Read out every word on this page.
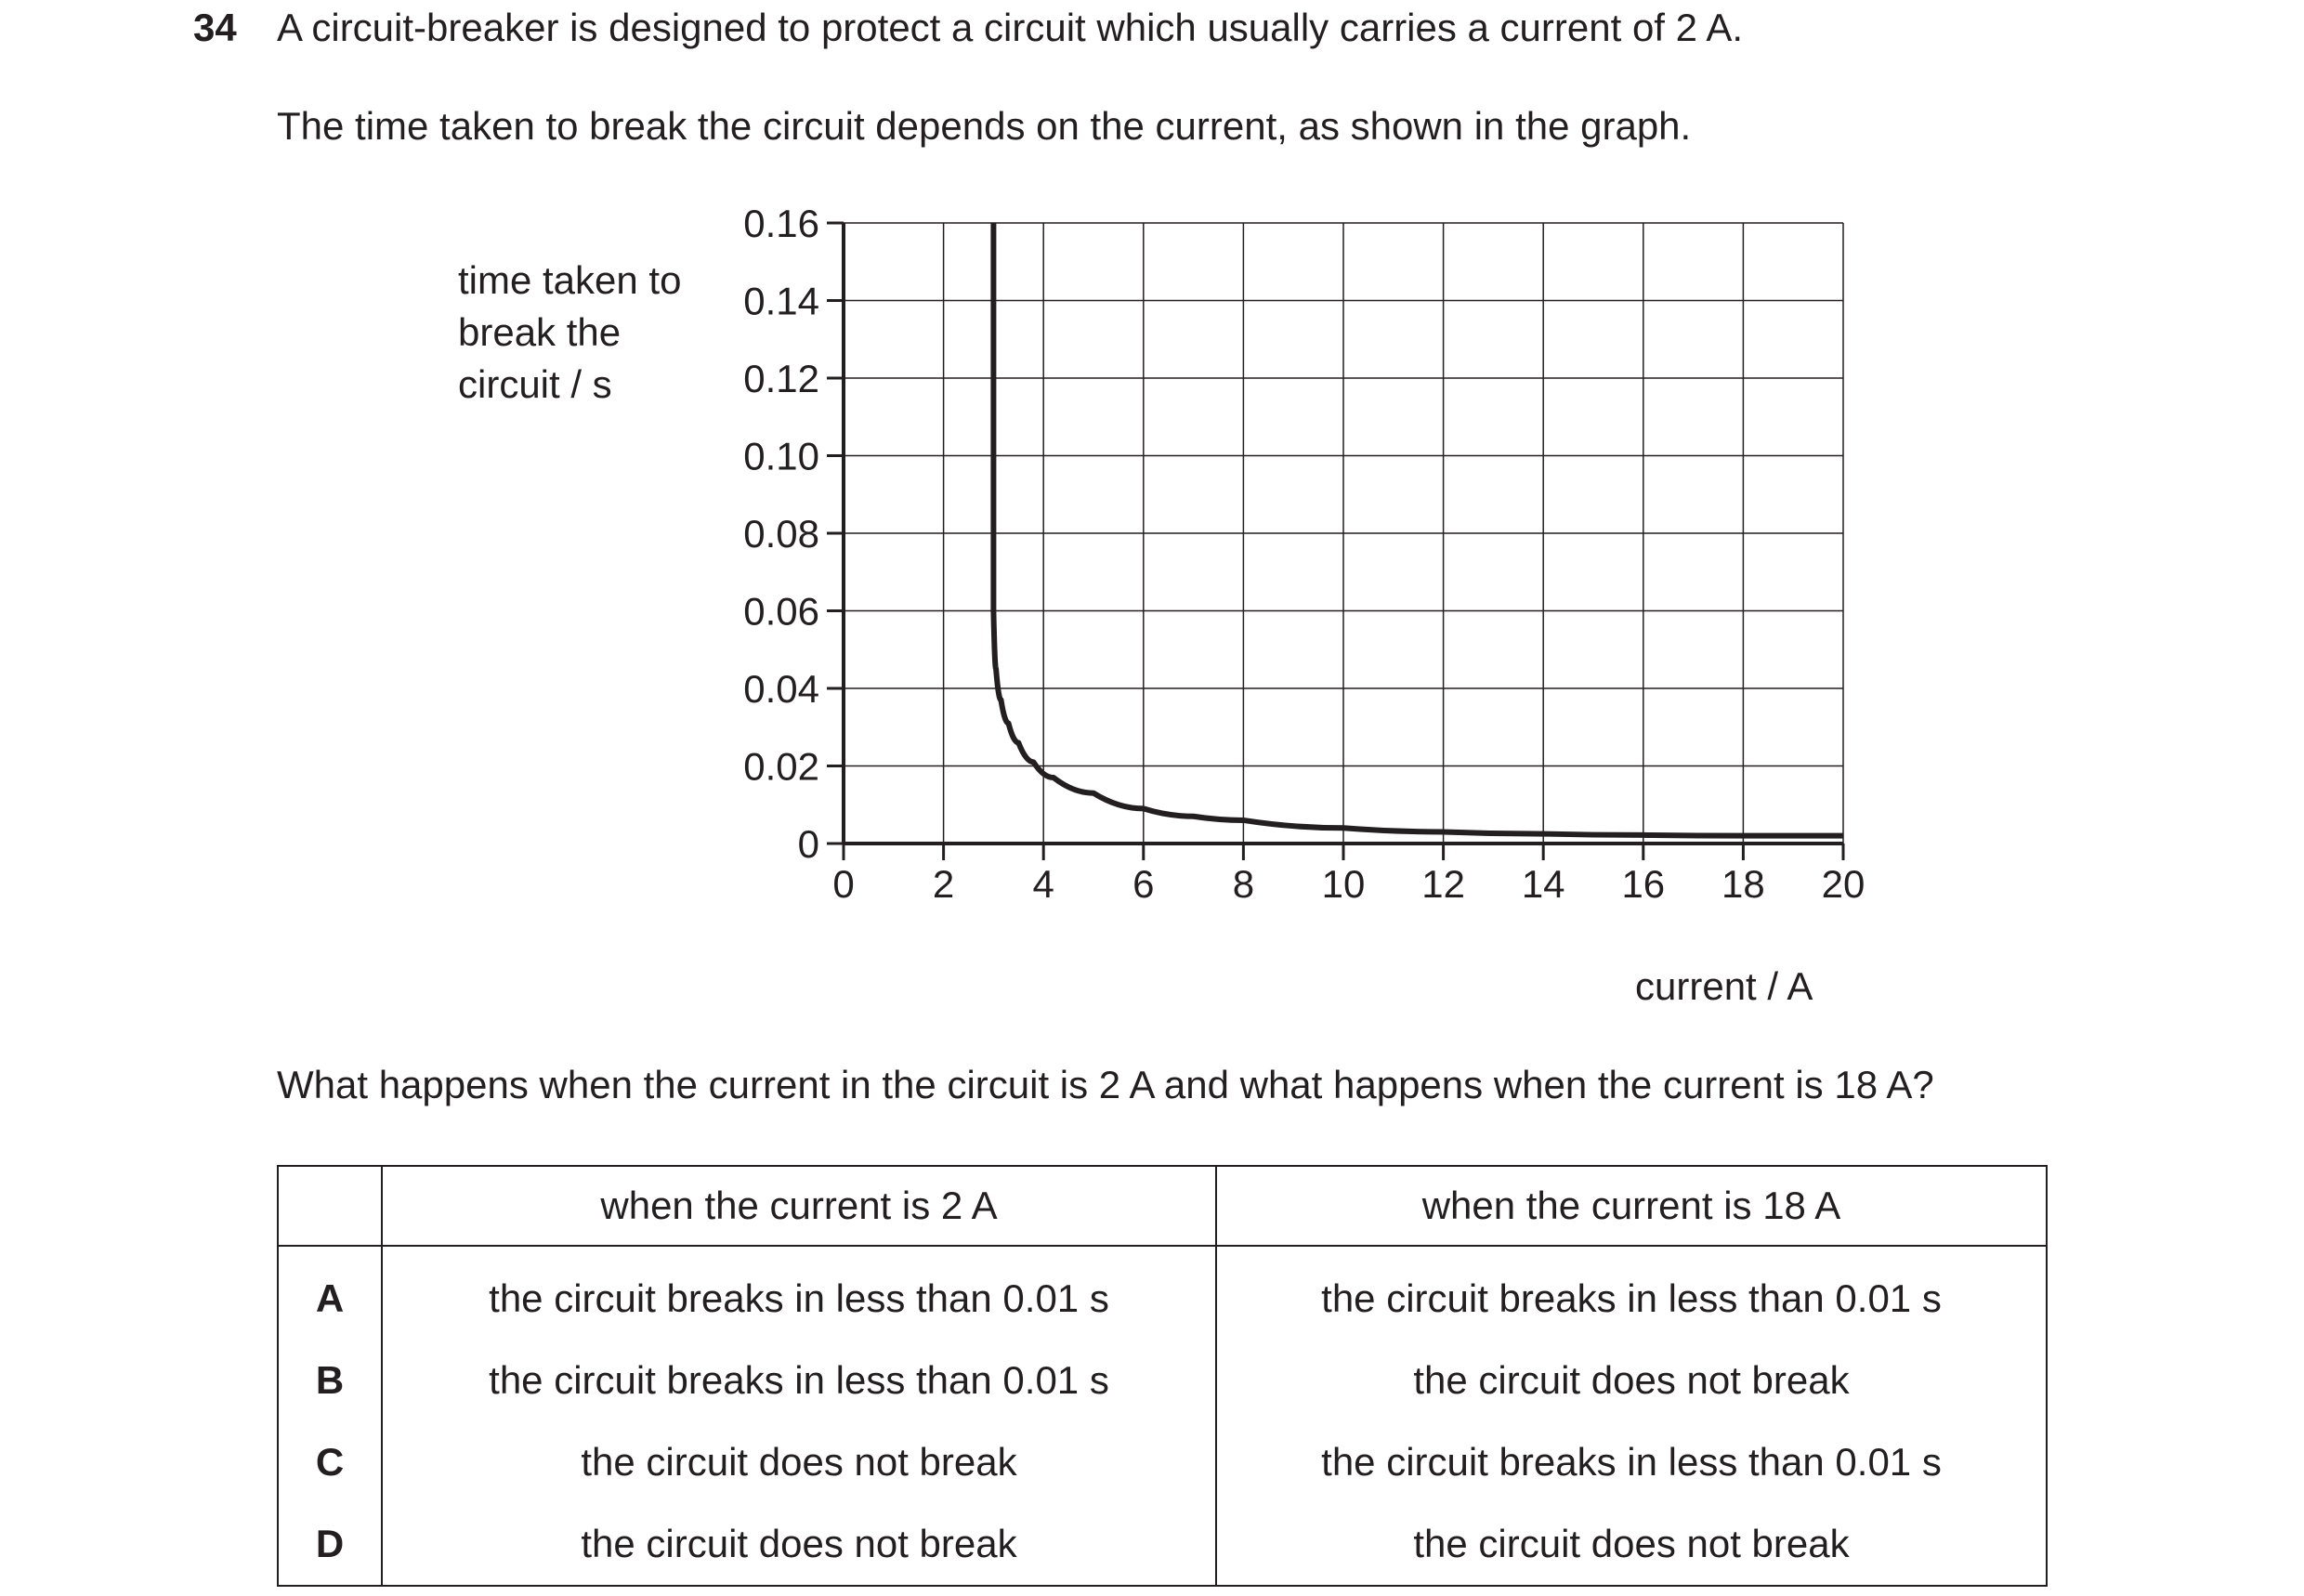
34 A circuit-breaker is designed to protect a circuit which usually carries a current of 2 A.
The time taken to break the circuit depends on the current, as shown in the graph.
time taken to break the circuit / s
0 2 4 6 8 10 12 14 16 18 20
0
0.02
0.04
0.06
0.08
0.10
0.12
0.14
0.16
current / A
What happens when the current in the circuit is 2 A and what happens when the current is 18 A?
	when the current is 2 A	when the current is 18 A
A	the circuit breaks in less than 0.01 s	the circuit breaks in less than 0.01 s
B	the circuit breaks in less than 0.01 s	the circuit does not break
C	the circuit does not break	the circuit breaks in less than 0.01 s
D	the circuit does not break	the circuit does not break
